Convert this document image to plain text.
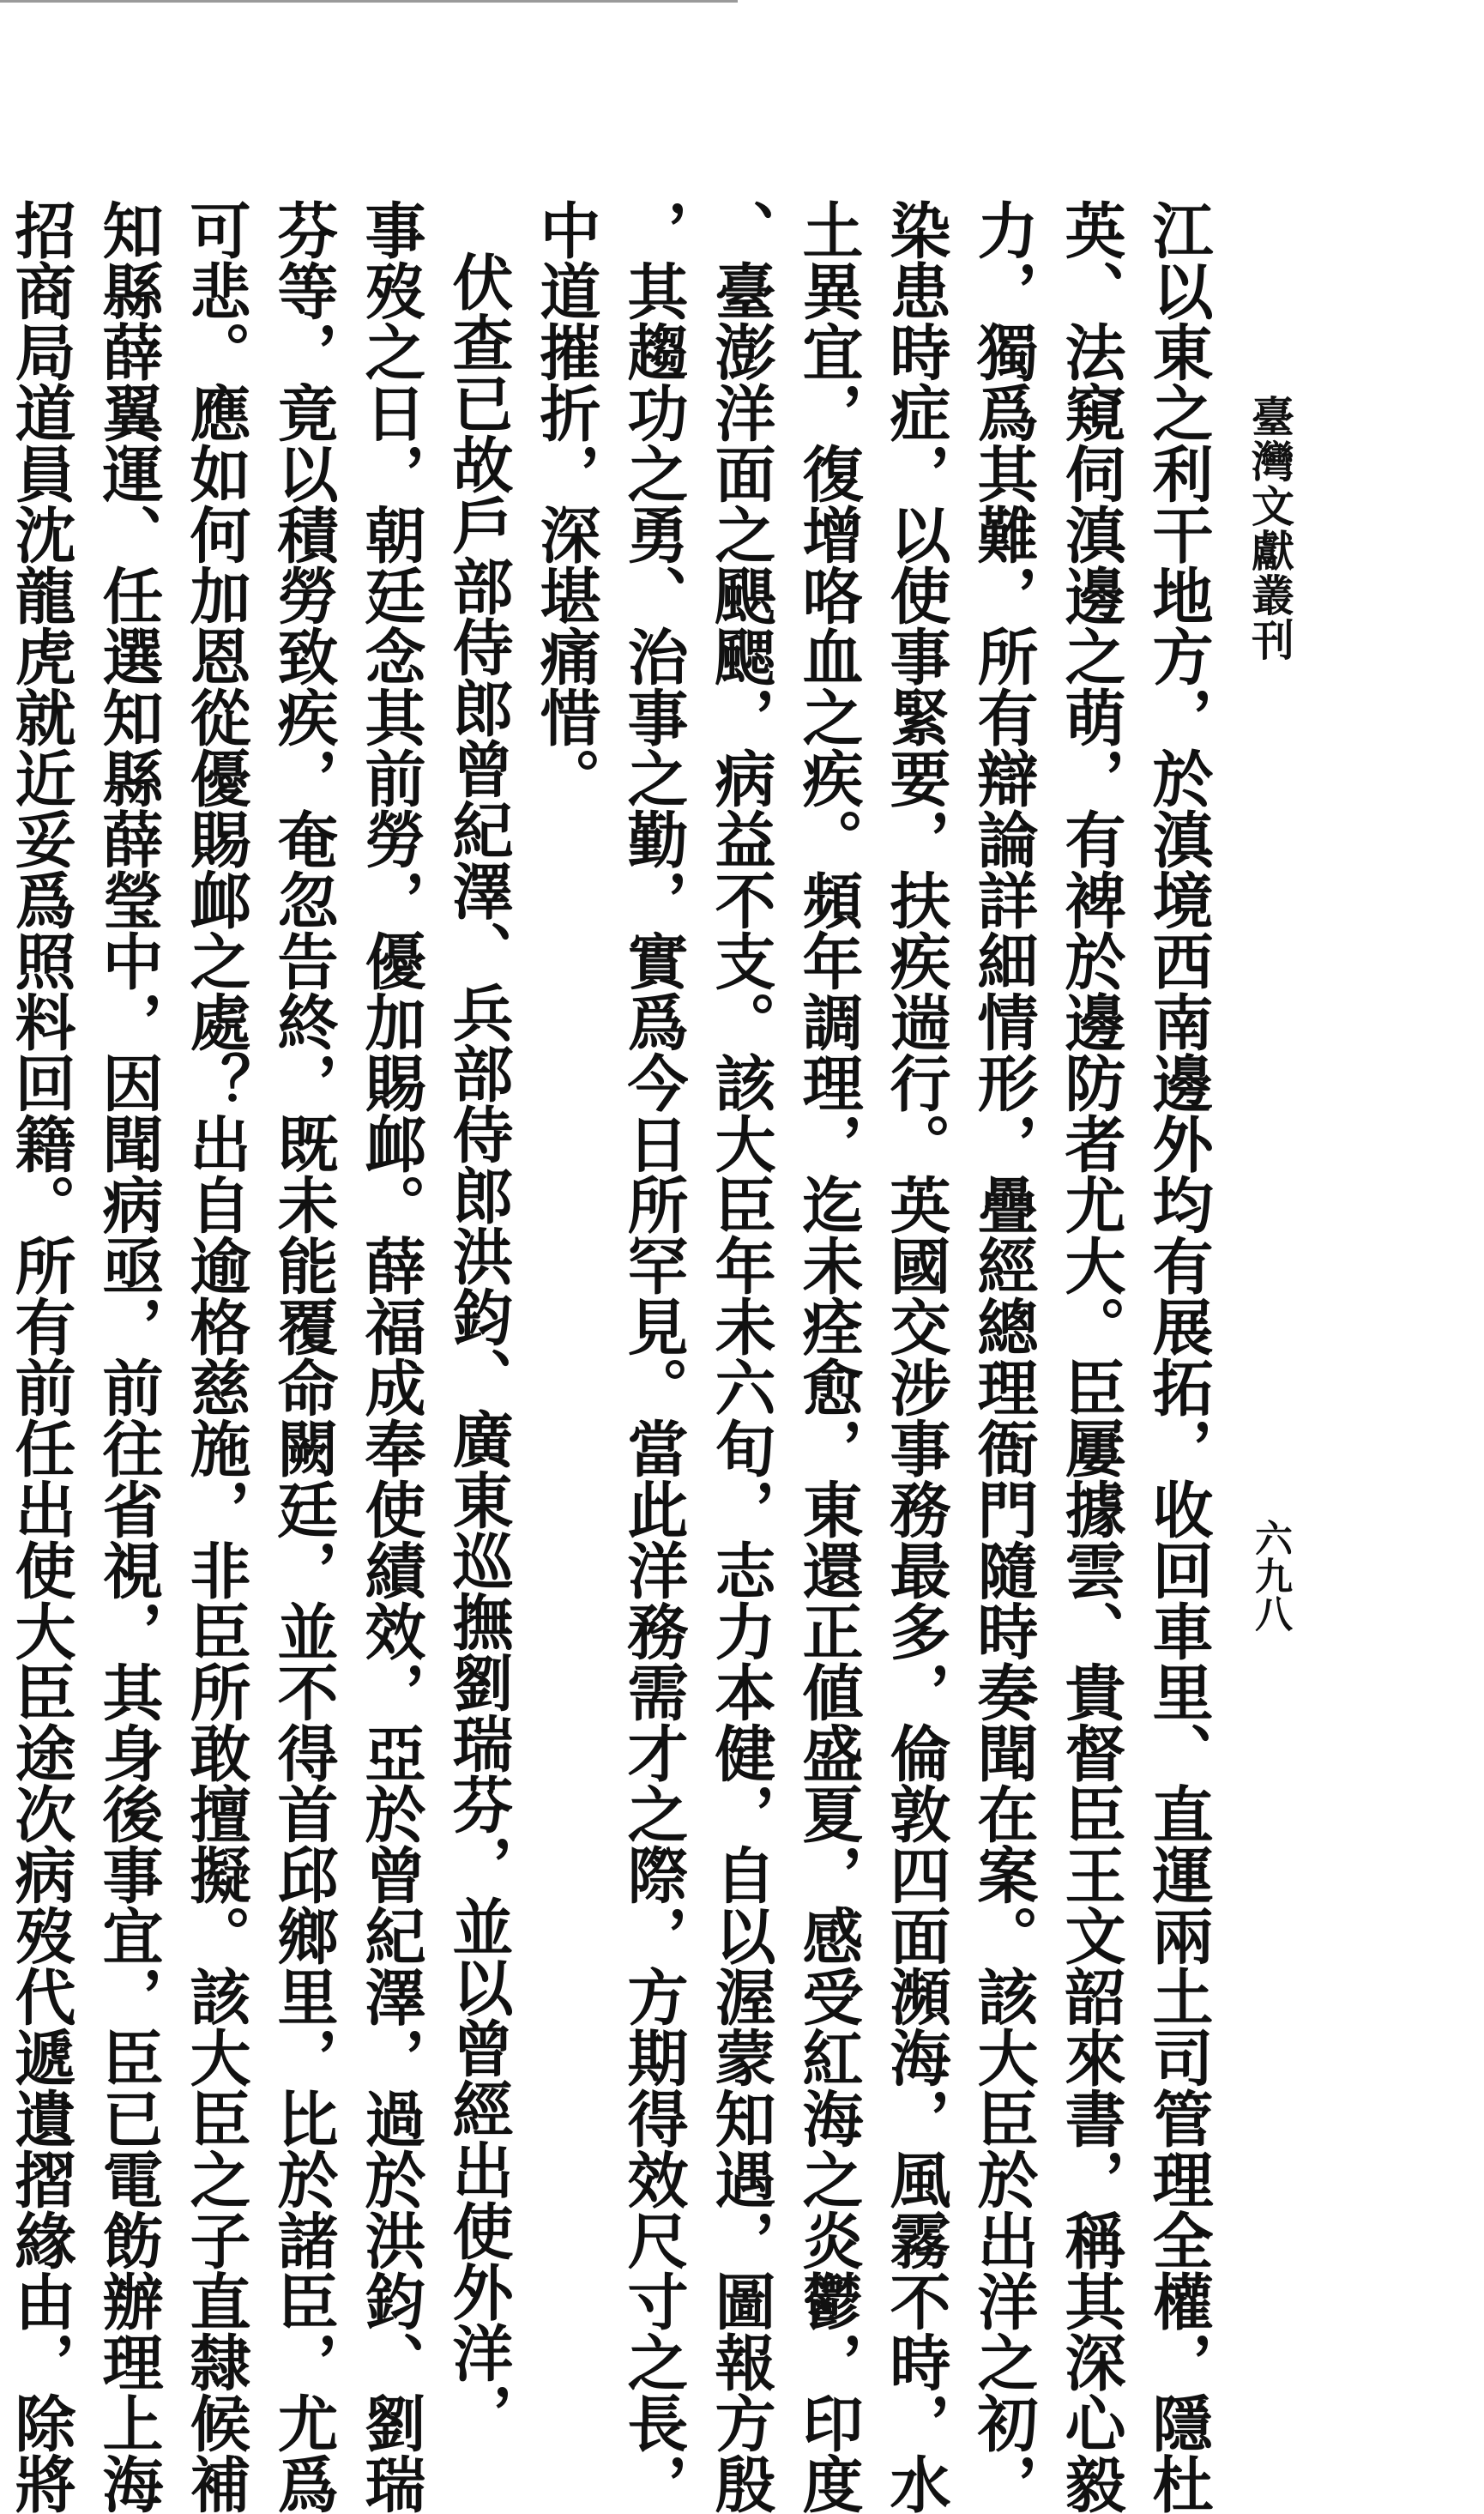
臺灣文獻叢刊
六九八
江以東之利干地方，於滇境西南邊外均有展拓，收回車里、直運兩土司管理全權，隱杜
英、法窺伺滇邊之萌，有裨於邊防者尤大。臣屢據雲、貴督臣王文韶來書，稱其深心毅
力，獨爲其難，所有辯論詳細情形，疊經總理衙門隨時奏聞在案。該大臣於出洋之初，
染患時症，以使事緊要，扶疾遄行。英國交涉事務最多，倫敦四面瀕海，風霧不時，水
土異宜，復增咯血之疾。頻年調理，迄未痊愈，東還正値盛夏，感受紅海之炎鬱，印度
、臺澎洋面之颶颸，病益不支。該大臣年未六旬，志力本健，自以渥蒙知遇，圖報方殷
，其趨功之勇、治事之勤，實爲今日所罕見。當此洋務需才之際，方期得效尺寸之長，
中道摧折，深堪痛惜。
伏查已故戶部侍郎曾紀澤、兵部侍郎洪鈞、廣東巡撫劉瑞芬，並以曾經出使外洋，
事歿之日，朝廷念其前勞，優加賜䘏。薛福成奉使績效，亞於曾紀澤，過於洪鈞、劉瑞
芬等，竟以積勞致疾，奄忽告終，既未能覆命闕廷，並不得首邱鄉里，比於諸臣，尤爲
可悲。應如何加恩從優賜䘏之處？出自逾格慈施，非臣所敢擅擬。該大臣之子直隸候補
知縣薛翼運、任選知縣薛瑩中，因聞病亟，前往省視，其身後事宜，臣已電飭辦理上海
招商局道員沈龍虎就近妥爲照料回籍。所有前任出使大臣途次病歿代遞遺摺緣由，除將
